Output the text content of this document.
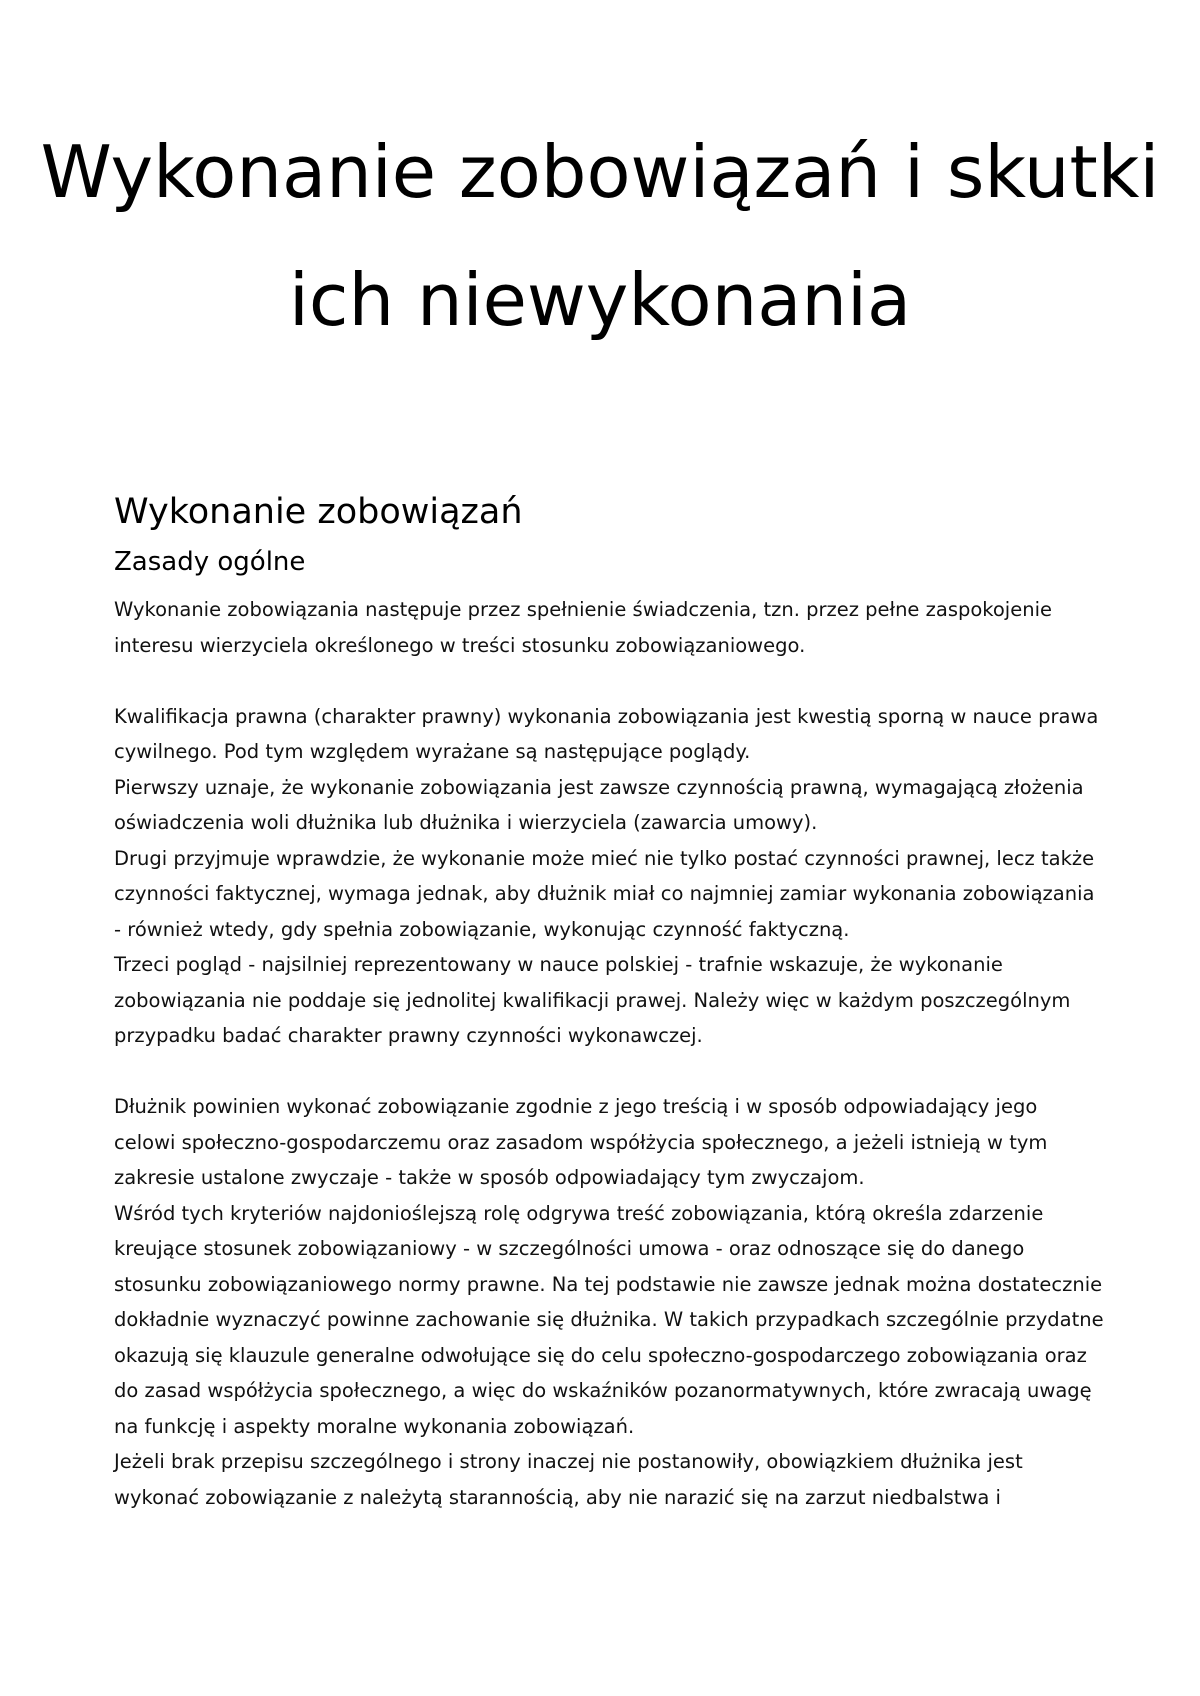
Wykonanie zobowiązań i skutki ich niewykonania
Wykonanie zobowiązań
Zasady ogólne

Wykonanie zobowiązania następuje przez spełnienie świadczenia, tzn. przez pełne zaspokojenie interesu wierzyciela określonego w treści stosunku zobowiązaniowego.

Kwalifikacja prawna (charakter prawny) wykonania zobowiązania jest kwestią sporną w nauce prawa cywilnego. Pod tym względem wyrażane są następujące poglądy.

Pierwszy uznaje, że wykonanie zobowiązania jest zawsze czynnością prawną, wymagającą złożenia oświadczenia woli dłużnika lub dłużnika i wierzyciela (zawarcia umowy).

Drugi przyjmuje wprawdzie, że wykonanie może mieć nie tylko postać czynności prawnej, lecz także czynności faktycznej, wymaga jednak, aby dłużnik miał co najmniej zamiar wykonania zobowiązania - również wtedy, gdy spełnia zobowiązanie, wykonując czynność faktyczną.

Trzeci pogląd - najsilniej reprezentowany w nauce polskiej - trafnie wskazuje, że wykonanie zobowiązania nie poddaje się jednolitej kwalifikacji prawej. Należy więc w każdym poszczególnym przypadku badać charakter prawny czynności wykonawczej.

Dłużnik powinien wykonać zobowiązanie zgodnie z jego treścią i w sposób odpowiadający jego celowi społeczno-gospodarczemu oraz zasadom współżycia społecznego, a jeżeli istnieją w tym zakresie ustalone zwyczaje - także w sposób odpowiadający tym zwyczajom.

Wśród tych kryteriów najdonioślejszą rolę odgrywa treść zobowiązania, którą określa zdarzenie kreujące stosunek zobowiązaniowy - w szczególności umowa - oraz odnoszące się do danego stosunku zobowiązaniowego normy prawne. Na tej podstawie nie zawsze jednak można dostatecznie dokładnie wyznaczyć powinne zachowanie się dłużnika. W takich przypadkach szczególnie przydatne okazują się klauzule generalne odwołujące się do celu społeczno-gospodarczego zobowiązania oraz do zasad współżycia społecznego, a więc do wskaźników pozanormatywnych, które zwracają uwagę na funkcję i aspekty moralne wykonania zobowiązań.

Jeżeli brak przepisu szczególnego i strony inaczej nie postanowiły, obowiązkiem dłużnika jest wykonać zobowiązanie z należytą starannością, aby nie narazić się na zarzut niedbalstwa i
